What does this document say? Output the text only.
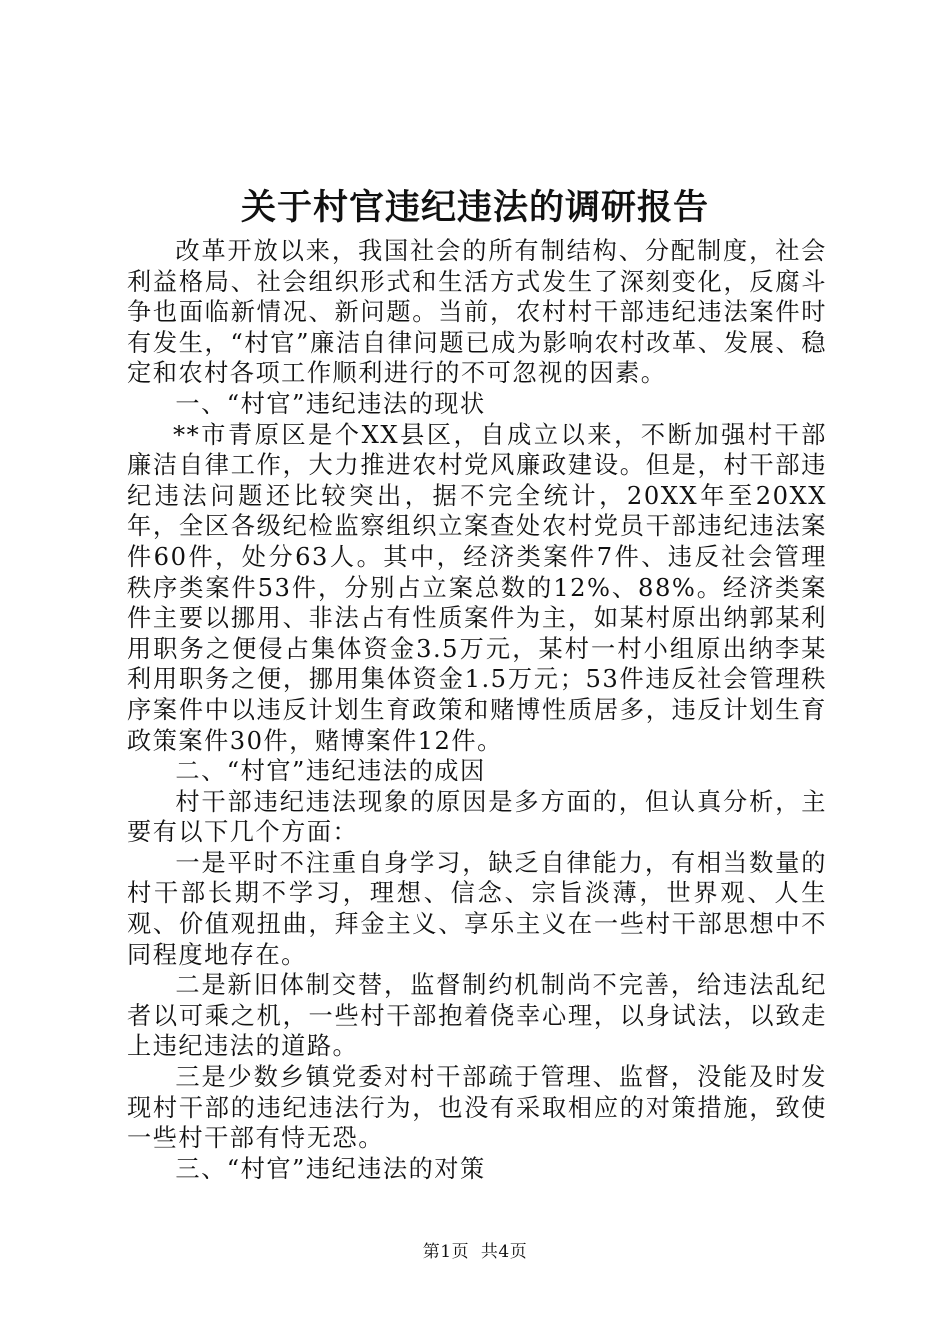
关于村官违纪违法的调研报告

改革开放以来，我国社会的所有制结构、分配制度，社会利益格局、社会组织形式和生活方式发生了深刻变化，反腐斗争也面临新情况、新问题。当前，农村村干部违纪违法案件时有发生，“村官”廉洁自律问题已成为影响农村改革、发展、稳定和农村各项工作顺利进行的不可忽视的因素。

一、“村官”违纪违法的现状

**市青原区是个XX县区，自成立以来，不断加强村干部廉洁自律工作，大力推进农村党风廉政建设。但是，村干部违纪违法问题还比较突出，据不完全统计，20XX年至20XX年，全区各级纪检监察组织立案查处农村党员干部违纪违法案件60件，处分63人。其中，经济类案件7件、违反社会管理秩序类案件53件，分别占立案总数的12%、88%。经济类案件主要以挪用、非法占有性质案件为主，如某村原出纳郭某利用职务之便侵占集体资金3.5万元，某村一村小组原出纳李某利用职务之便，挪用集体资金1.5万元；53件违反社会管理秩序案件中以违反计划生育政策和赌博性质居多，违反计划生育政策案件30件，赌博案件12件。

二、“村官”违纪违法的成因

村干部违纪违法现象的原因是多方面的，但认真分析，主要有以下几个方面：

一是平时不注重自身学习，缺乏自律能力，有相当数量的村干部长期不学习，理想、信念、宗旨淡薄，世界观、人生观、价值观扭曲，拜金主义、享乐主义在一些村干部思想中不同程度地存在。

二是新旧体制交替，监督制约机制尚不完善，给违法乱纪者以可乘之机，一些村干部抱着侥幸心理，以身试法，以致走上违纪违法的道路。

三是少数乡镇党委对村干部疏于管理、监督，没能及时发现村干部的违纪违法行为，也没有采取相应的对策措施，致使一些村干部有恃无恐。

三、“村官”违纪违法的对策

第1页  共4页
